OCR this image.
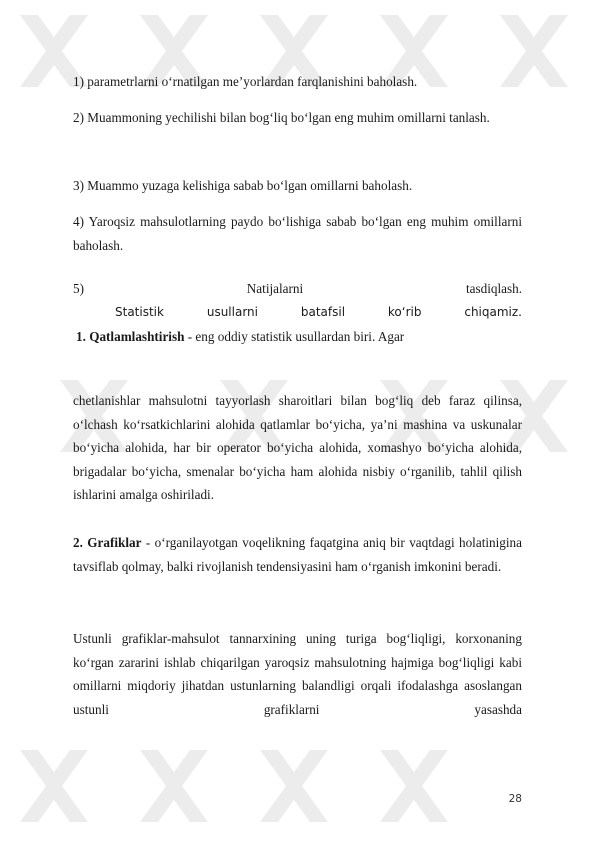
1) parametrlarni o‘rnatilgan me’yorlardan farqlanishini baholash.

2) Muammoning yechilishi bilan bog‘liq bo‘lgan eng muhim omillarni tanlash.

3) Muammo yuzaga kelishiga sabab bo‘lgan omillarni baholash.

4) Yaroqsiz mahsulotlarning paydo bo‘lishiga sabab bo‘lgan eng muhim omillarni baholash.

5) Natijalarni tasdiqlash.

Statistik usullarni batafsil ko‘rib chiqamiz.

1. Qatlamlashtirish - eng oddiy statistik usullardan biri. Agar

chetlanishlar mahsulotni tayyorlash sharoitlari bilan bog‘liq deb faraz qilinsa, o‘lchash ko‘rsatkichlarini alohida qatlamlar bo‘yicha, ya’ni mashina va uskunalar bo‘yicha alohida, har bir operator bo‘yicha alohida, xomashyo bo‘yicha alohida, brigadalar bo‘yicha, smenalar bo‘yicha ham alohida nisbiy o‘rganilib, tahlil qilish ishlarini amalga oshiriladi.

2. Grafiklar - o‘rganilayotgan voqelikning faqatgina aniq bir vaqtdagi holatinigina tavsiflab qolmay, balki rivojlanish tendensiyasini ham o‘rganish imkonini beradi.

Ustunli grafiklar-mahsulot tannarxining uning turiga bog‘liqligi, korxonaning ko‘rgan zararini ishlab chiqarilgan yaroqsiz mahsulotning hajmiga bog‘liqligi kabi omillarni miqdoriy jihatdan ustunlarning balandligi orqali ifodalashga asoslangan ustunli grafiklarni yasashda

28
